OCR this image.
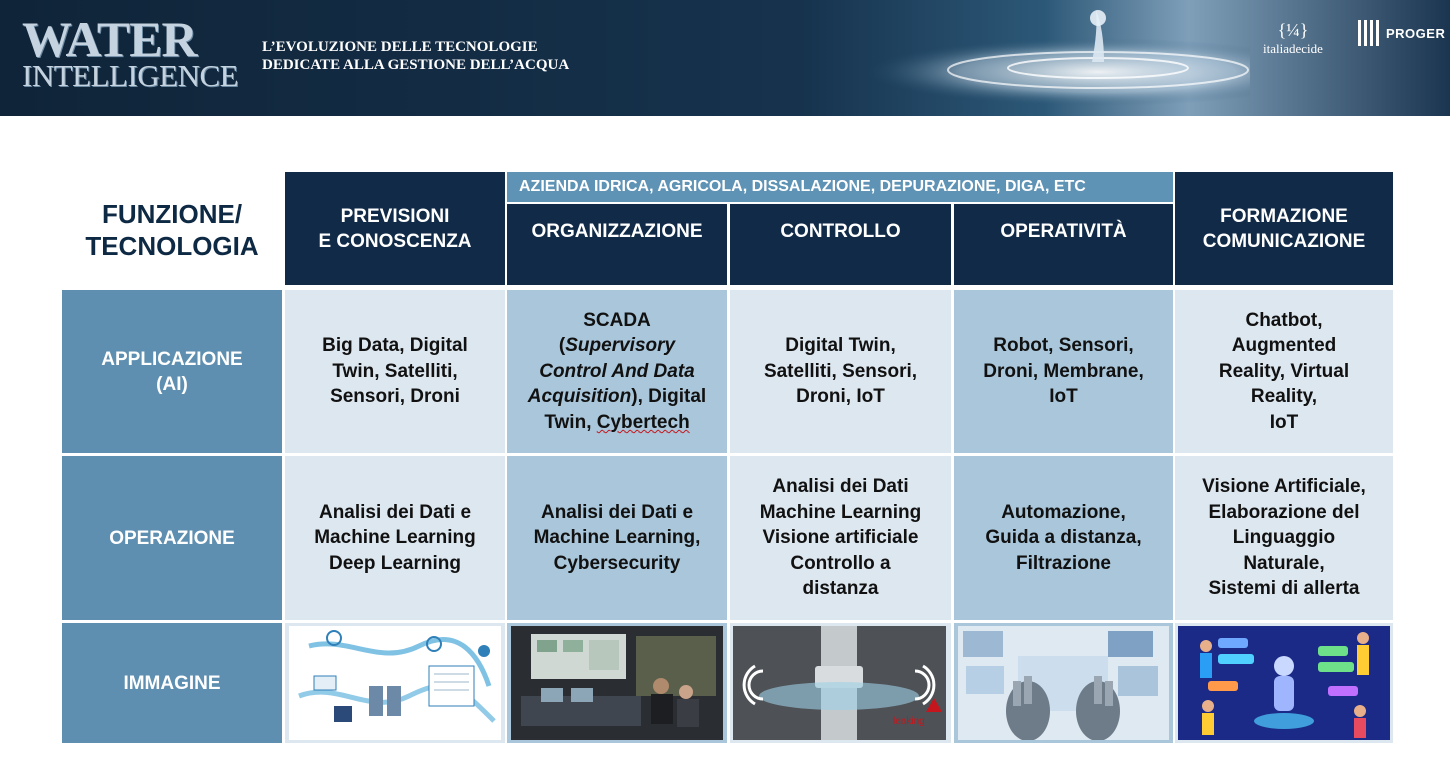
WATER
INTELLIGENCE
L’EVOLUZIONE DELLE TECNOLOGIE
DEDICATE ALLA GESTIONE DELL’ACQUA
{¼}
italiadecide
PROGER
FUNZIONE/
TECNOLOGIA
PREVISIONI
E CONOSCENZA
AZIENDA IDRICA, AGRICOLA, DISSALAZIONE, DEPURAZIONE, DIGA, ETC
ORGANIZZAZIONE	CONTROLLO	OPERATIVITÀ
FORMAZIONE
COMUNICAZIONE
APPLICAZIONE
(AI)
OPERAZIONE
IMMAGINE
Big Data, Digital
Twin, Satelliti,
Sensori, Droni
SCADA
(Supervisory
Control And Data
Acquisition), Digital
Twin, Cybertech
Digital Twin,
Satelliti, Sensori,
Droni, IoT
Robot, Sensori,
Droni, Membrane,
IoT
Chatbot,
Augmented
Reality, Virtual
Reality,
IoT
Analisi dei Dati e
Machine Learning
Deep Learning
Analisi dei Dati e
Machine Learning,
Cybersecurity
Analisi dei Dati
Machine Learning
Visione artificiale
Controllo a
distanza
Automazione,
Guida a distanza,
Filtrazione
Visione Artificiale,
Elaborazione del
Linguaggio
Naturale,
Sistemi di allerta
leaking
